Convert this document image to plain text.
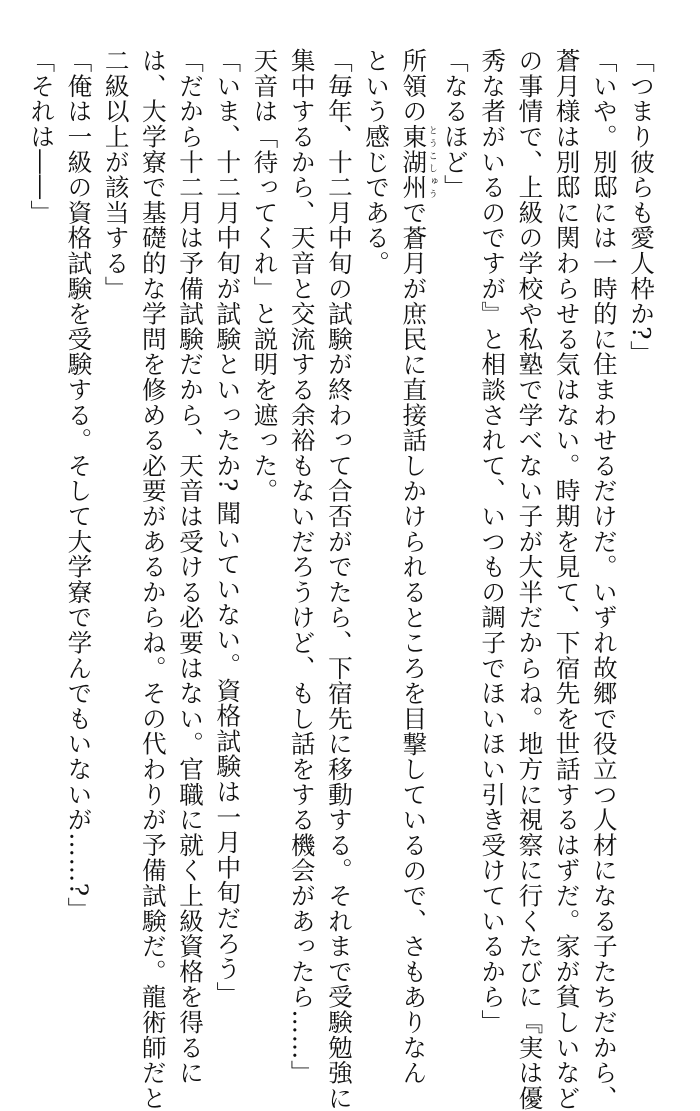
「つまり彼らも愛人枠か?」
「いや。別邸には一時的に住まわせるだけだ。いずれ故郷で役立つ人材になる子たちだから、
蒼月様は別邸に関わらせる気はない。時期を見て、下宿先を世話するはずだ。家が貧しいなど
の事情で、上級の学校や私塾で学べない子が大半だからね。地方に視察に行くたびに『実は優
秀な者がいるのですが』と相談されて、いつもの調子でほいほい引き受けているから」
「なるほど」
所領の東湖州とうこしゅうで蒼月が庶民に直接話しかけられるところを目撃しているので、さもありなん
という感じである。
「毎年、十二月中旬の試験が終わって合否がでたら、下宿先に移動する。それまで受験勉強に
集中するから、天音と交流する余裕もないだろうけど、もし話をする機会があったら……」
天音は「待ってくれ」と説明を遮った。
「いま、十二月中旬が試験といったか? 聞いていない。資格試験は一月中旬だろう」
「だから十二月は予備試験だから、天音は受ける必要はない。官職に就く上級資格を得るに
は、大学寮で基礎的な学問を修める必要があるからね。その代わりが予備試験だ。龍術師だと
二級以上が該当する」
「俺は一級の資格試験を受験する。そして大学寮で学んでもいないが……?」
「それは――」
